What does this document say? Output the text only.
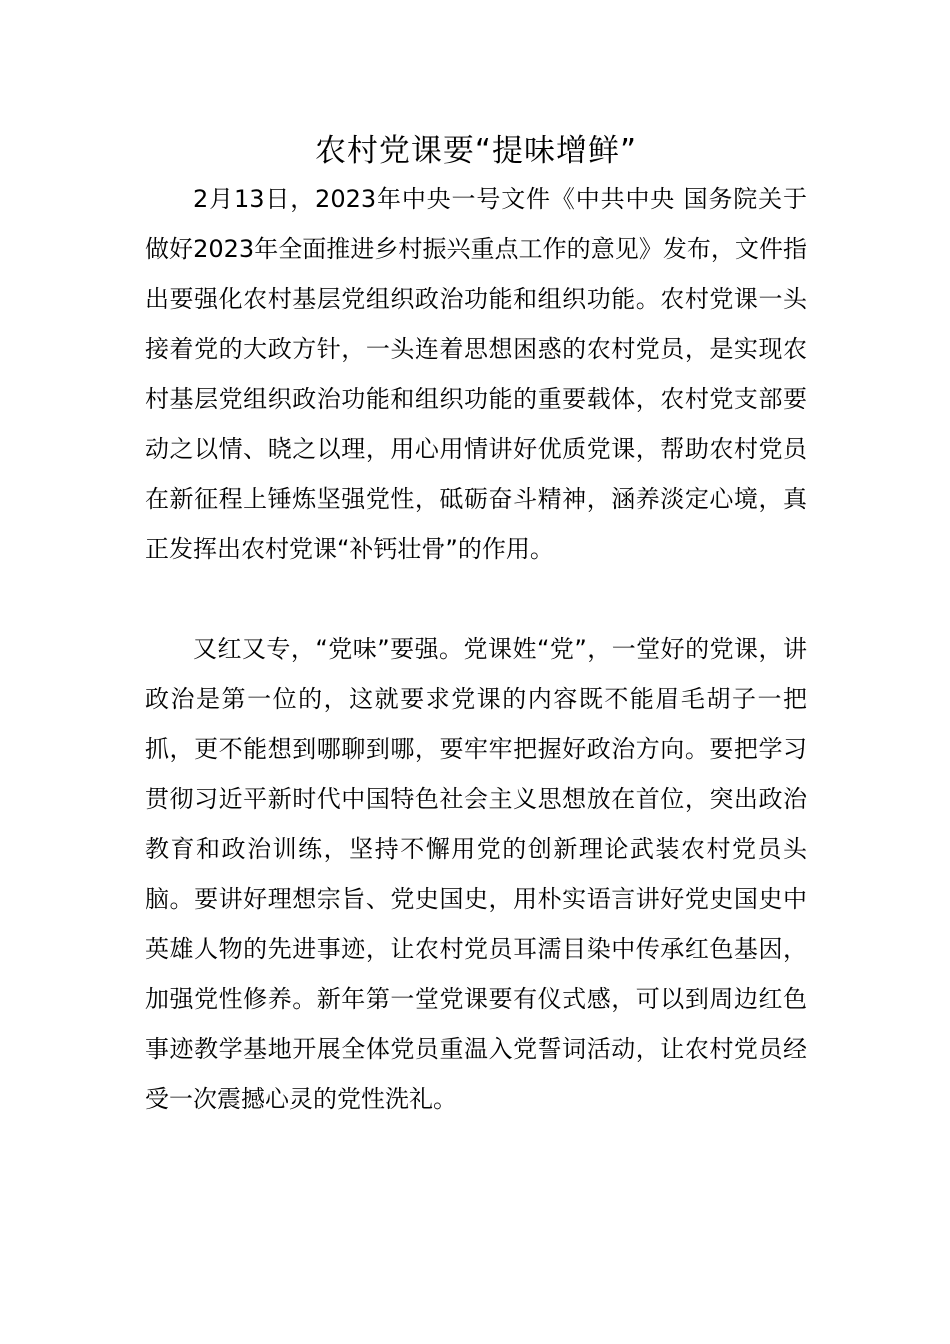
农村党课要“提味增鲜”

2月13日，2023年中央一号文件《中共中央 国务院关于做好2023年全面推进乡村振兴重点工作的意见》发布，文件指出要强化农村基层党组织政治功能和组织功能。农村党课一头接着党的大政方针，一头连着思想困惑的农村党员，是实现农村基层党组织政治功能和组织功能的重要载体，农村党支部要动之以情、晓之以理，用心用情讲好优质党课，帮助农村党员在新征程上锤炼坚强党性，砥砺奋斗精神，涵养淡定心境，真正发挥出农村党课“补钙壮骨”的作用。

又红又专，“党味”要强。党课姓“党”，一堂好的党课，讲政治是第一位的，这就要求党课的内容既不能眉毛胡子一把抓，更不能想到哪聊到哪，要牢牢把握好政治方向。要把学习贯彻习近平新时代中国特色社会主义思想放在首位，突出政治教育和政治训练，坚持不懈用党的创新理论武装农村党员头脑。要讲好理想宗旨、党史国史，用朴实语言讲好党史国史中英雄人物的先进事迹，让农村党员耳濡目染中传承红色基因，加强党性修养。新年第一堂党课要有仪式感，可以到周边红色事迹教学基地开展全体党员重温入党誓词活动，让农村党员经受一次震撼心灵的党性洗礼。
